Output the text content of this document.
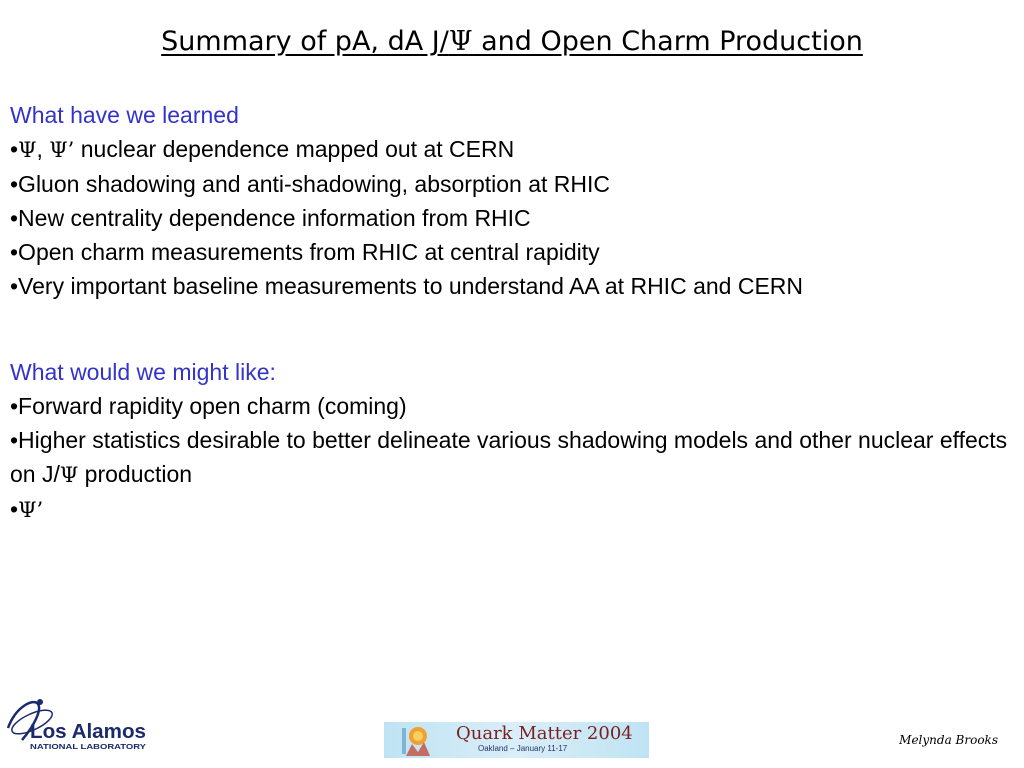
Summary of pA, dA J/Ψ and Open Charm Production

What have we learned

•Ψ, Ψ’ nuclear dependence mapped out at CERN

•Gluon shadowing and anti-shadowing, absorption at RHIC

•New centrality dependence information from RHIC

•Open charm measurements from RHIC at central rapidity

•Very important baseline measurements to understand AA at RHIC and CERN

What would we might like:

•Forward rapidity open charm (coming)

•Higher statistics desirable to better delineate various shadowing models and other nuclear effects on J/Ψ production

•Ψ’

Los Alamos
NATIONAL LABORATORY
Quark Matter 2004
Oakland – January 11-17
Melynda Brooks
